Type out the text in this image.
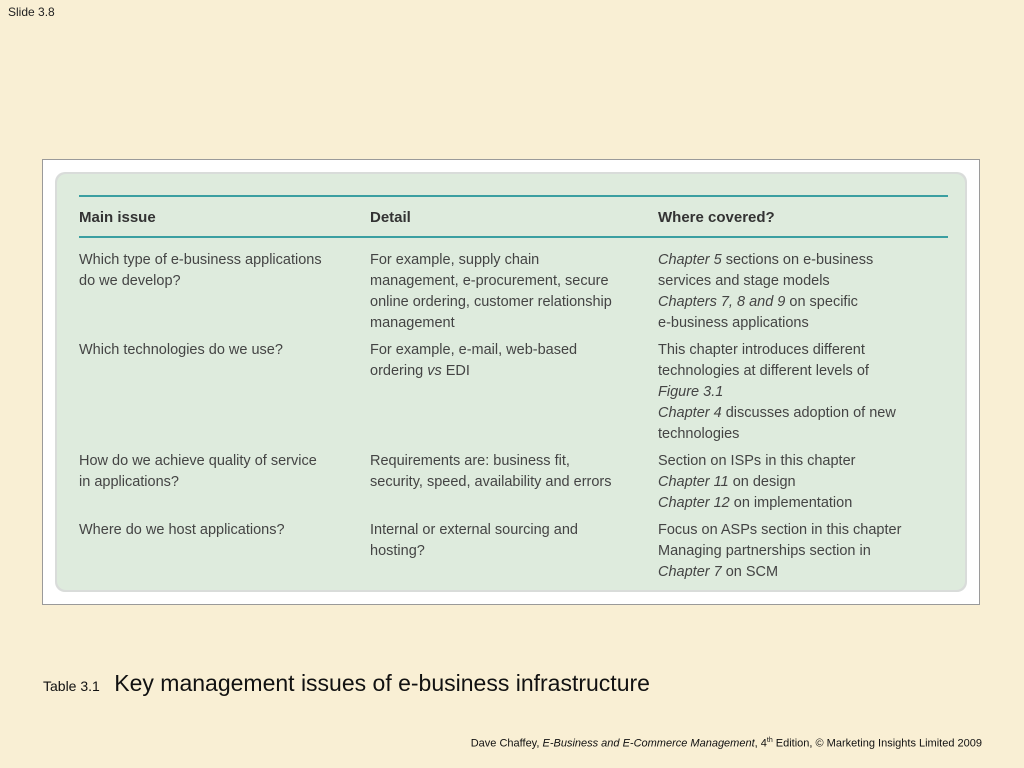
Slide 3.8
Main issue	Detail	Where covered?

Which type of e-business applications
do we develop?	For example, supply chain
management, e-procurement, secure
online ordering, customer relationship
management	Chapter 5 sections on e-business
services and stage models
Chapters 7, 8 and 9 on specific
e-business applications

Which technologies do we use?	For example, e-mail, web-based
ordering vs EDI	This chapter introduces different
technologies at different levels of
Figure 3.1
Chapter 4 discusses adoption of new
technologies

How do we achieve quality of service
in applications?	Requirements are: business fit,
security, speed, availability and errors	Section on ISPs in this chapter
Chapter 11 on design
Chapter 12 on implementation

Where do we host applications?	Internal or external sourcing and
hosting?	Focus on ASPs section in this chapter
Managing partnerships section in
Chapter 7 on SCM
Table 3.1 Key management issues of e-business infrastructure
Dave Chaffey, E-Business and E-Commerce Management, 4th Edition, © Marketing Insights Limited 2009
